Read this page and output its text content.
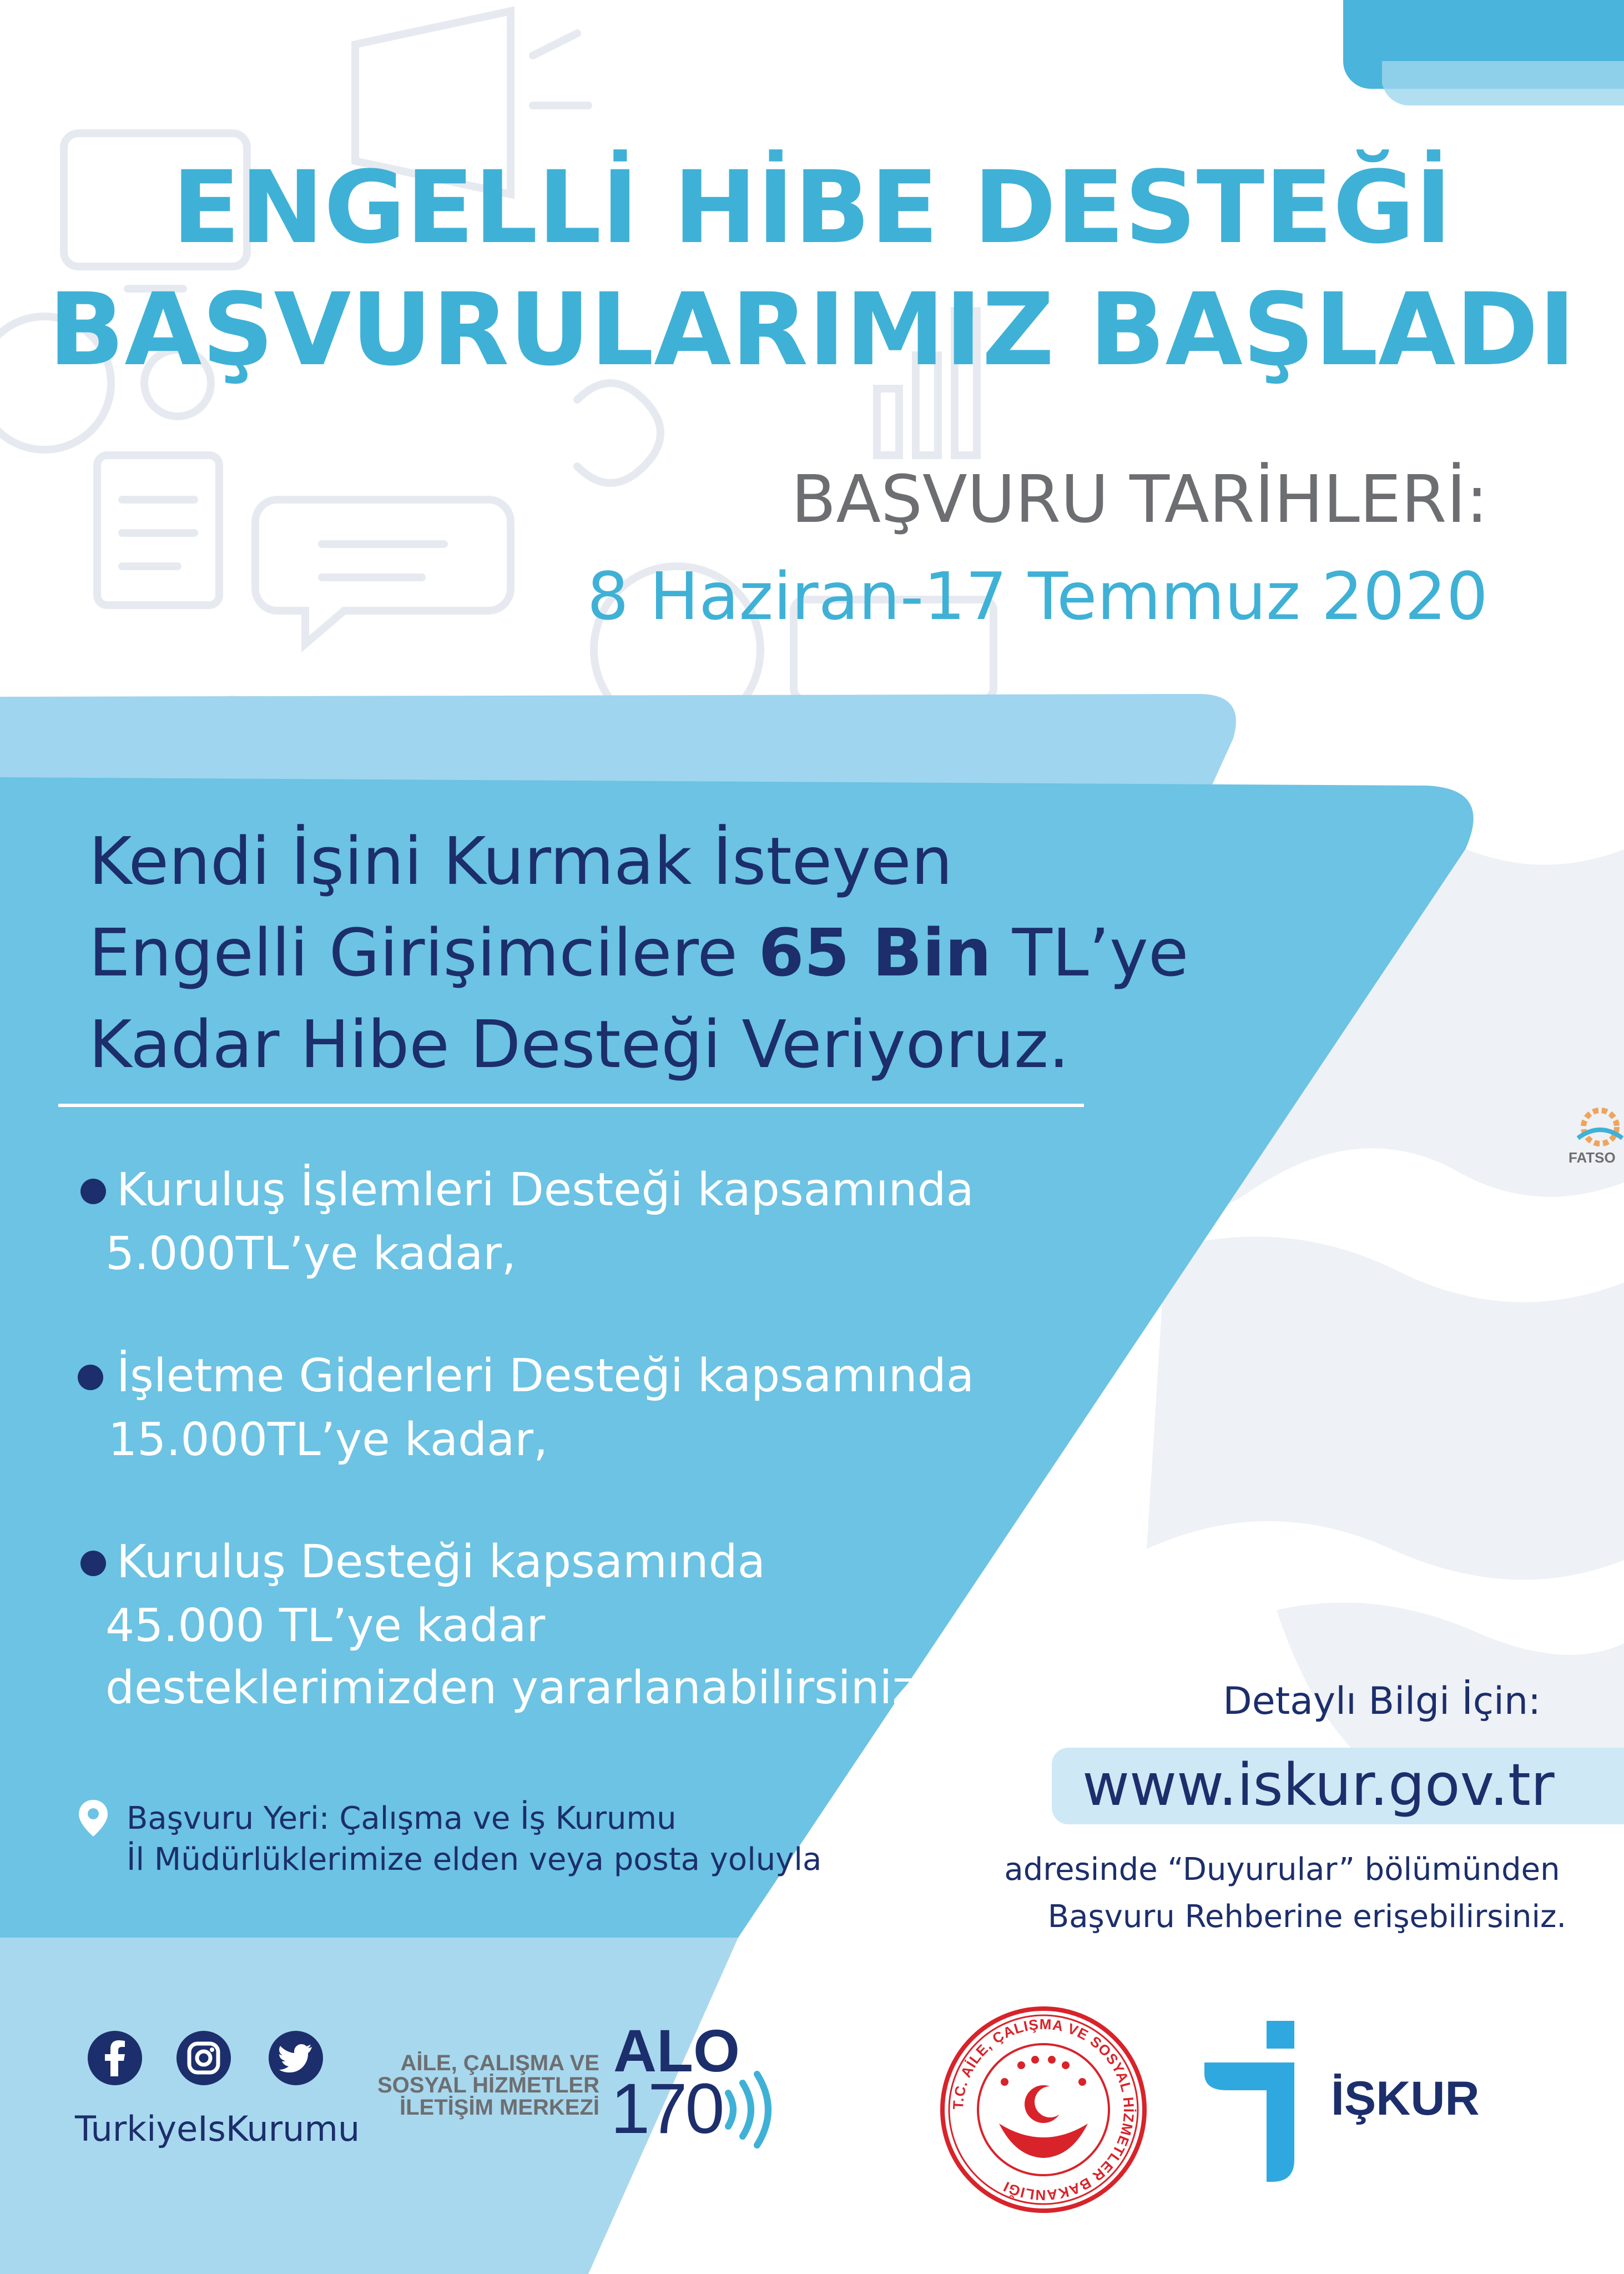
ENGELLİ HİBE DESTEĞİ
BAŞVURULARIMIZ BAŞLADI
BAŞVURU TARİHLERİ:
8 Haziran-17 Temmuz 2020
Kendi İşini Kurmak İsteyen
Engelli Girişimcilere 65 Bin TL’ye
Kadar Hibe Desteği Veriyoruz.
Kuruluş İşlemleri Desteği kapsamında
5.000TL’ye kadar,
İşletme Giderleri Desteği kapsamında
15.000TL’ye kadar,
Kuruluş Desteği kapsamında
45.000 TL’ye kadar
desteklerimizden yararlanabilirsiniz.
Başvuru Yeri: Çalışma ve İş Kurumu
İl Müdürlüklerimize elden veya posta yoluyla
Detaylı Bilgi İçin:
www.iskur.gov.tr
adresinde “Duyurular” bölümünden
Başvuru Rehberine erişebilirsiniz.
TurkiyeIsKurumu
AİLE, ÇALIŞMA VE
SOSYAL HİZMETLER
İLETİŞİM MERKEZİ
ALO
170	T.C. AİLE, ÇALIŞMA VE SOSYAL HİZMETLER BAKANLIĞI
İŞKUR
FATSO
